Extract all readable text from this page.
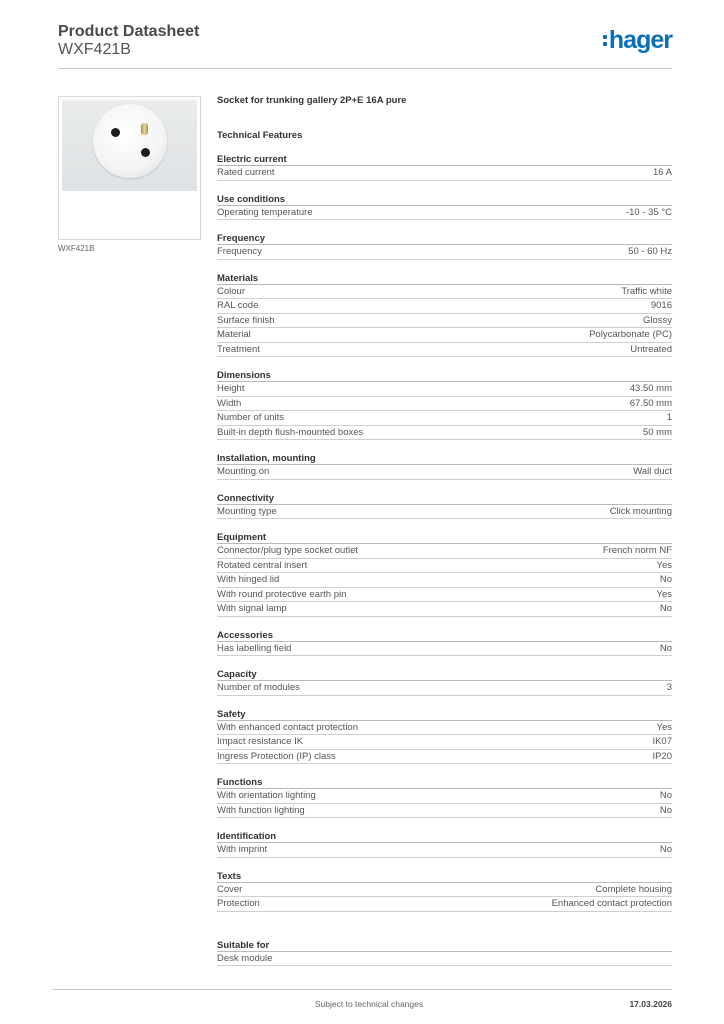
Product Datasheet
WXF421B	hager
WXF421B
Socket for trunking gallery 2P+E 16A pure
Technical Features
Electric current
Rated current	16 A
Use conditions
Operating temperature	-10 - 35 °C
Frequency
Frequency	50 - 60 Hz
Materials
Colour	Traffic white
RAL code	9016
Surface finish	Glossy
Material	Polycarbonate (PC)
Treatment	Untreated
Dimensions
Height	43.50 mm
Width	67.50 mm
Number of units	1
Built-in depth flush-mounted boxes	50 mm
Installation, mounting
Mounting on	Wall duct
Connectivity
Mounting type	Click mounting
Equipment
Connector/plug type socket outlet	French norm NF
Rotated central insert	Yes
With hinged lid	No
With round protective earth pin	Yes
With signal lamp	No
Accessories
Has labelling field	No
Capacity
Number of modules	3
Safety
With enhanced contact protection	Yes
Impact resistance IK	IK07
Ingress Protection (IP) class	IP20
Functions
With orientation lighting	No
With function lighting	No
Identification
With imprint	No
Texts
Cover	Complete housing
Protection	Enhanced contact protection
Suitable for
Desk module
Subject to technical changes	17.03.2026
